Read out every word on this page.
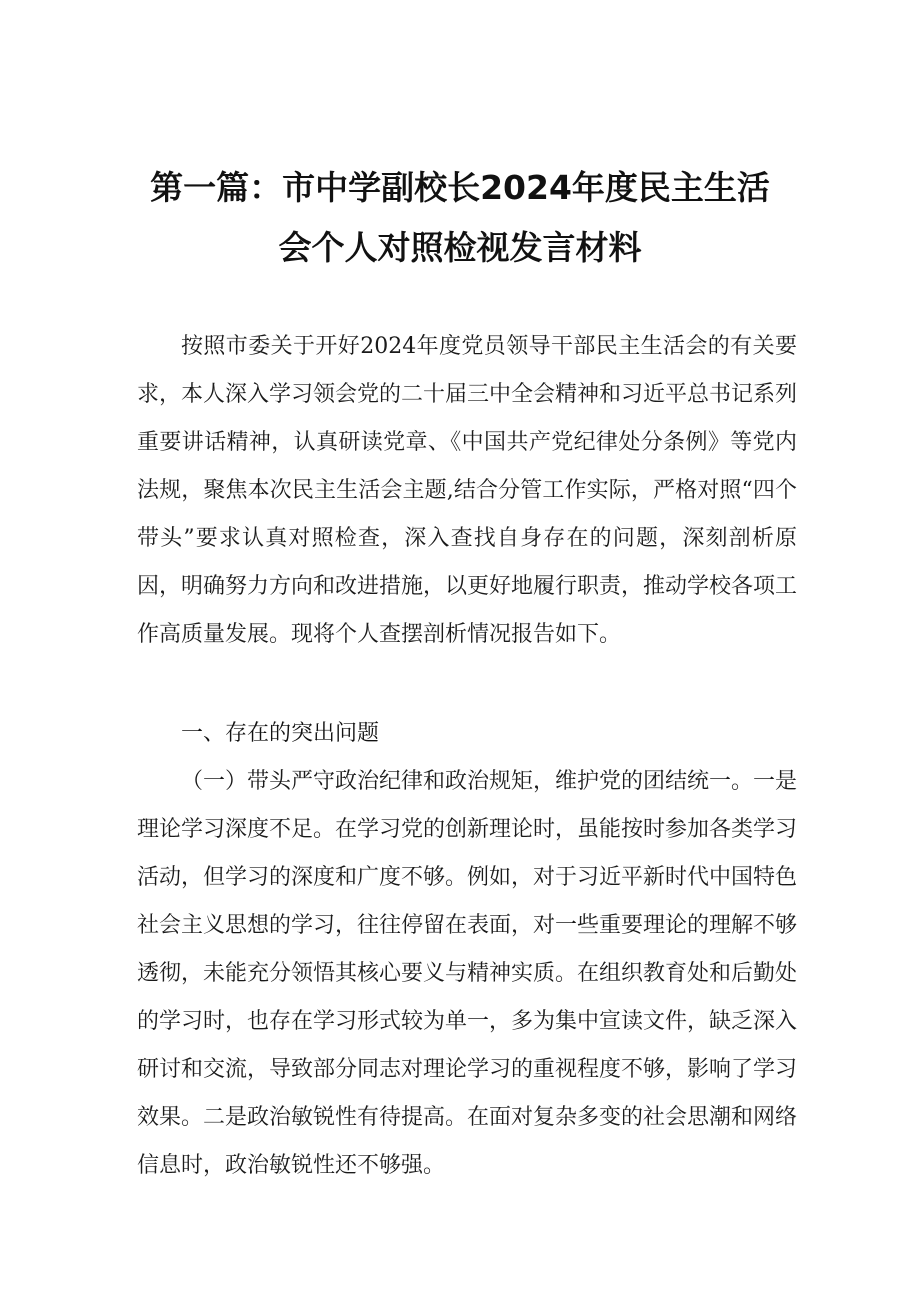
第一篇：市中学副校长2024年度民主生活
会个人对照检视发言材料

按照市委关于开好2024年度党员领导干部民主生活会的有关要求，本人深入学习领会党的二十届三中全会精神和习近平总书记系列重要讲话精神，认真研读党章、《中国共产党纪律处分条例》等党内法规，聚焦本次民主生活会主题,结合分管工作实际，严格对照“四个带头”要求认真对照检查，深入查找自身存在的问题，深刻剖析原因，明确努力方向和改进措施，以更好地履行职责，推动学校各项工作高质量发展。现将个人查摆剖析情况报告如下。

一、存在的突出问题

（一）带头严守政治纪律和政治规矩，维护党的团结统一。一是理论学习深度不足。在学习党的创新理论时，虽能按时参加各类学习活动，但学习的深度和广度不够。例如，对于习近平新时代中国特色社会主义思想的学习，往往停留在表面，对一些重要理论的理解不够透彻，未能充分领悟其核心要义与精神实质。在组织教育处和后勤处的学习时，也存在学习形式较为单一，多为集中宣读文件，缺乏深入研讨和交流，导致部分同志对理论学习的重视程度不够，影响了学习效果。二是政治敏锐性有待提高。在面对复杂多变的社会思潮和网络信息时，政治敏锐性还不够强。
